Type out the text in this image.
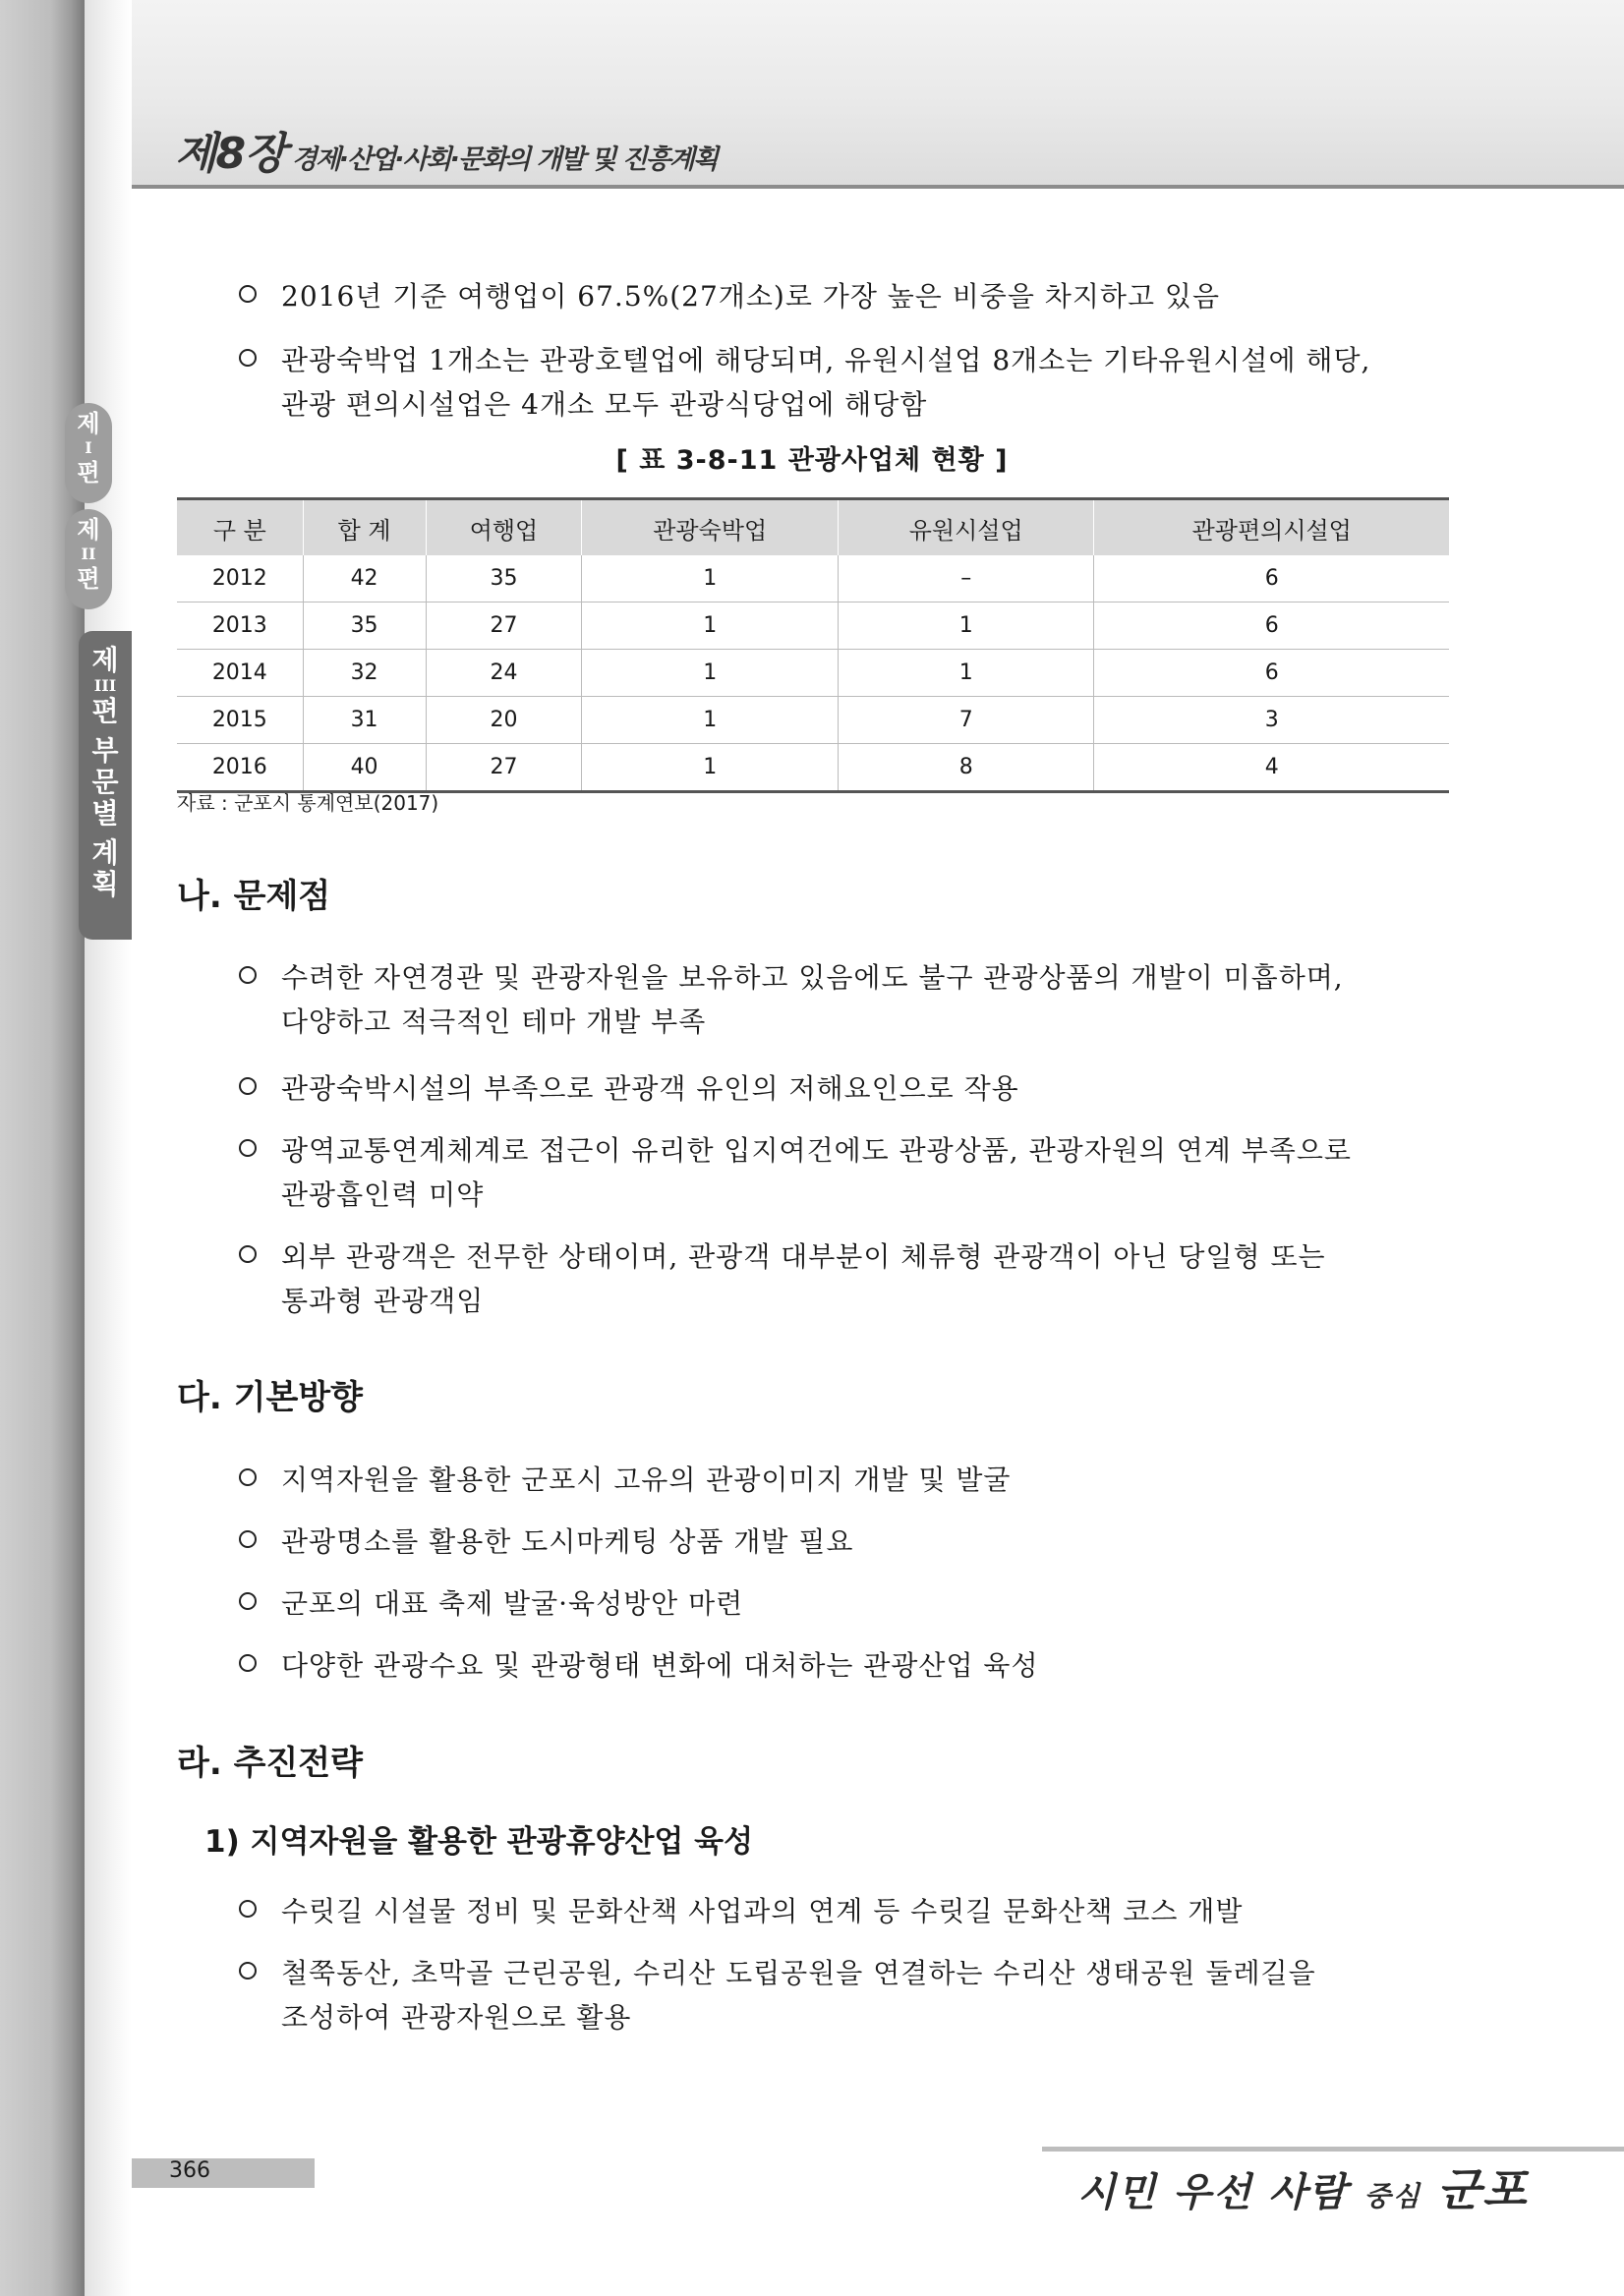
제8장 경제·산업·사회·문화의 개발 및 진흥계획
제
I
편
제
II
편
제
III
편

부
문
별

계
획
2016년 기준 여행업이 67.5%(27개소)로 가장 높은 비중을 차지하고 있음
관광숙박업 1개소는 관광호텔업에 해당되며, 유원시설업 8개소는 기타유원시설에 해당,
관광 편의시설업은 4개소 모두 관광식당업에 해당함
[ 표 3-8-11 관광사업체 현황 ]
구 분	합 계	여행업	관광숙박업	유원시설업	관광편의시설업
2012	42	35	1	–	6
2013	35	27	1	1	6
2014	32	24	1	1	6
2015	31	20	1	7	3
2016	40	27	1	8	4
자료 : 군포시 통계연보(2017)
나. 문제점
수려한 자연경관 및 관광자원을 보유하고 있음에도 불구 관광상품의 개발이 미흡하며,
다양하고 적극적인 테마 개발 부족
관광숙박시설의 부족으로 관광객 유인의 저해요인으로 작용
광역교통연계체계로 접근이 유리한 입지여건에도 관광상품, 관광자원의 연계 부족으로
관광흡인력 미약
외부 관광객은 전무한 상태이며, 관광객 대부분이 체류형 관광객이 아닌 당일형 또는
통과형 관광객임
다. 기본방향
지역자원을 활용한 군포시 고유의 관광이미지 개발 및 발굴
관광명소를 활용한 도시마케팅 상품 개발 필요
군포의 대표 축제 발굴·육성방안 마련
다양한 관광수요 및 관광형태 변화에 대처하는 관광산업 육성
라. 추진전략
1) 지역자원을 활용한 관광휴양산업 육성
수릿길 시설물 정비 및 문화산책 사업과의 연계 등 수릿길 문화산책 코스 개발
철쭉동산, 초막골 근린공원, 수리산 도립공원을 연결하는 수리산 생태공원 둘레길을
조성하여 관광자원으로 활용
366	시민 우선 사람 중심 군포
